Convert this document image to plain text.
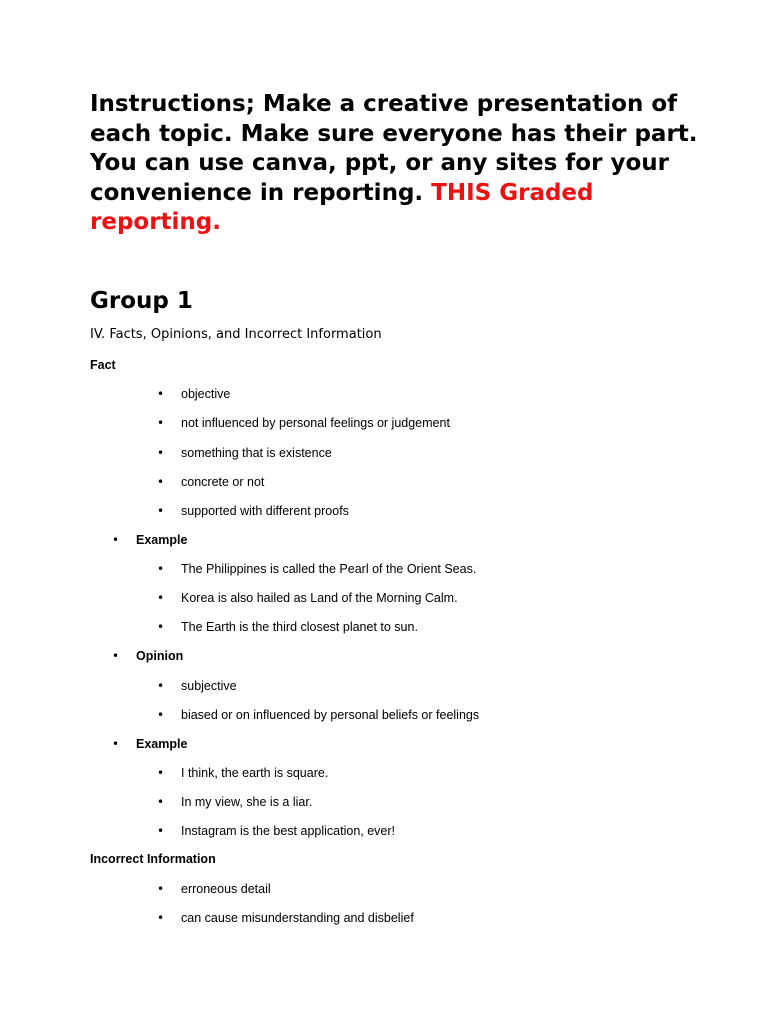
Instructions; Make a creative presentation of each topic. Make sure everyone has their part. You can use canva, ppt, or any sites for your convenience in reporting. THIS Graded reporting.

Group 1

IV. Facts, Opinions, and Incorrect Information

Fact
• objective
• not influenced by personal feelings or judgement
• something that is existence
• concrete or not
• supported with different proofs
• Example
• The Philippines is called the Pearl of the Orient Seas.
• Korea is also hailed as Land of the Morning Calm.
• The Earth is the third closest planet to sun.
• Opinion
• subjective
• biased or on influenced by personal beliefs or feelings
• Example
• I think, the earth is square.
• In my view, she is a liar.
• Instagram is the best application, ever!
Incorrect Information
• erroneous detail
• can cause misunderstanding and disbelief
